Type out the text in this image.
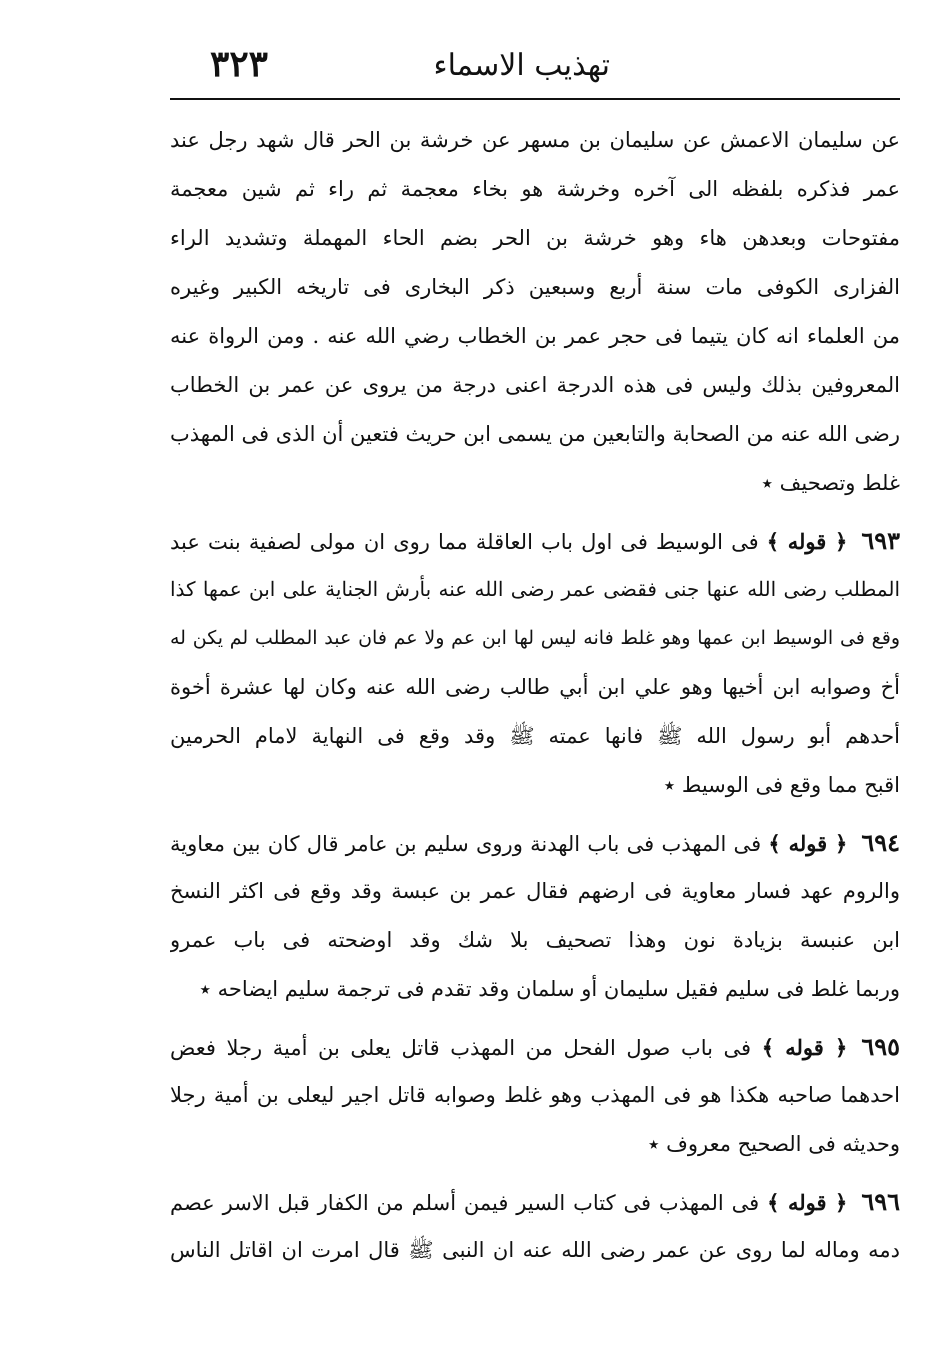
تهذيب الاسماء
٣٢٣
عن سليمان الاعمش عن سليمان بن مسهر عن خرشة بن الحر قال شهد رجل عند
عمر فذكره بلفظه الى آخره وخرشة هو بخاء معجمة ثم راء ثم شين معجمة
مفتوحات وبعدهن هاء وهو خرشة بن الحر بضم الحاء المهملة وتشديد الراء
الفزارى الكوفى مات سنة أربع وسبعين ذكر البخارى فى تاريخه الكبير وغيره
من العلماء انه كان يتيما فى حجر عمر بن الخطاب رضي الله عنه . ومن الرواة عنه
المعروفين بذلك وليس فى هذه الدرجة اعنى درجة من يروى عن عمر بن الخطاب
رضى الله عنه من الصحابة والتابعين من يسمى ابن حريث فتعين أن الذى فى المهذب
غلط وتصحيف ٭
٦٩٣﴿ قوله ﴾ فى الوسيط فى اول باب العاقلة مما روى ان مولى لصفية بنت عبد
المطلب رضى الله عنها جنى فقضى عمر رضى الله عنه بأرش الجناية على ابن عمها كذا
وقع فى الوسيط ابن عمها وهو غلط فانه ليس لها ابن عم ولا عم فان عبد المطلب لم يكن له
أخ وصوابه ابن أخيها وهو علي ابن أبي طالب رضى الله عنه وكان لها عشرة أخوة
أحدهم أبو رسول الله ﷺ فانها عمته ﷺ وقد وقع فى النهاية لامام الحرمين
اقبح مما وقع فى الوسيط ٭
٦٩٤﴿ قوله ﴾ فى المهذب فى باب الهدنة وروى سليم بن عامر قال كان بين معاوية
والروم عهد فسار معاوية فى ارضهم فقال عمر بن عبسة وقد وقع فى اكثر النسخ
ابن عنبسة بزيادة نون وهذا تصحيف بلا شك وقد اوضحته فى باب عمرو
وربما غلط فى سليم فقيل سليمان أو سلمان وقد تقدم فى ترجمة سليم ايضاحه ٭
٦٩٥﴿ قوله ﴾ فى باب صول الفحل من المهذب قاتل يعلى بن أمية رجلا فعض
احدهما صاحبه هكذا هو فى المهذب وهو غلط وصوابه قاتل اجير ليعلى بن أمية رجلا
وحديثه فى الصحيح معروف ٭
٦٩٦﴿ قوله ﴾ فى المهذب فى كتاب السير فيمن أسلم من الكفار قبل الاسر عصم
دمه وماله لما روى عن عمر رضى الله عنه ان النبى ﷺ قال امرت ان اقاتل الناس
